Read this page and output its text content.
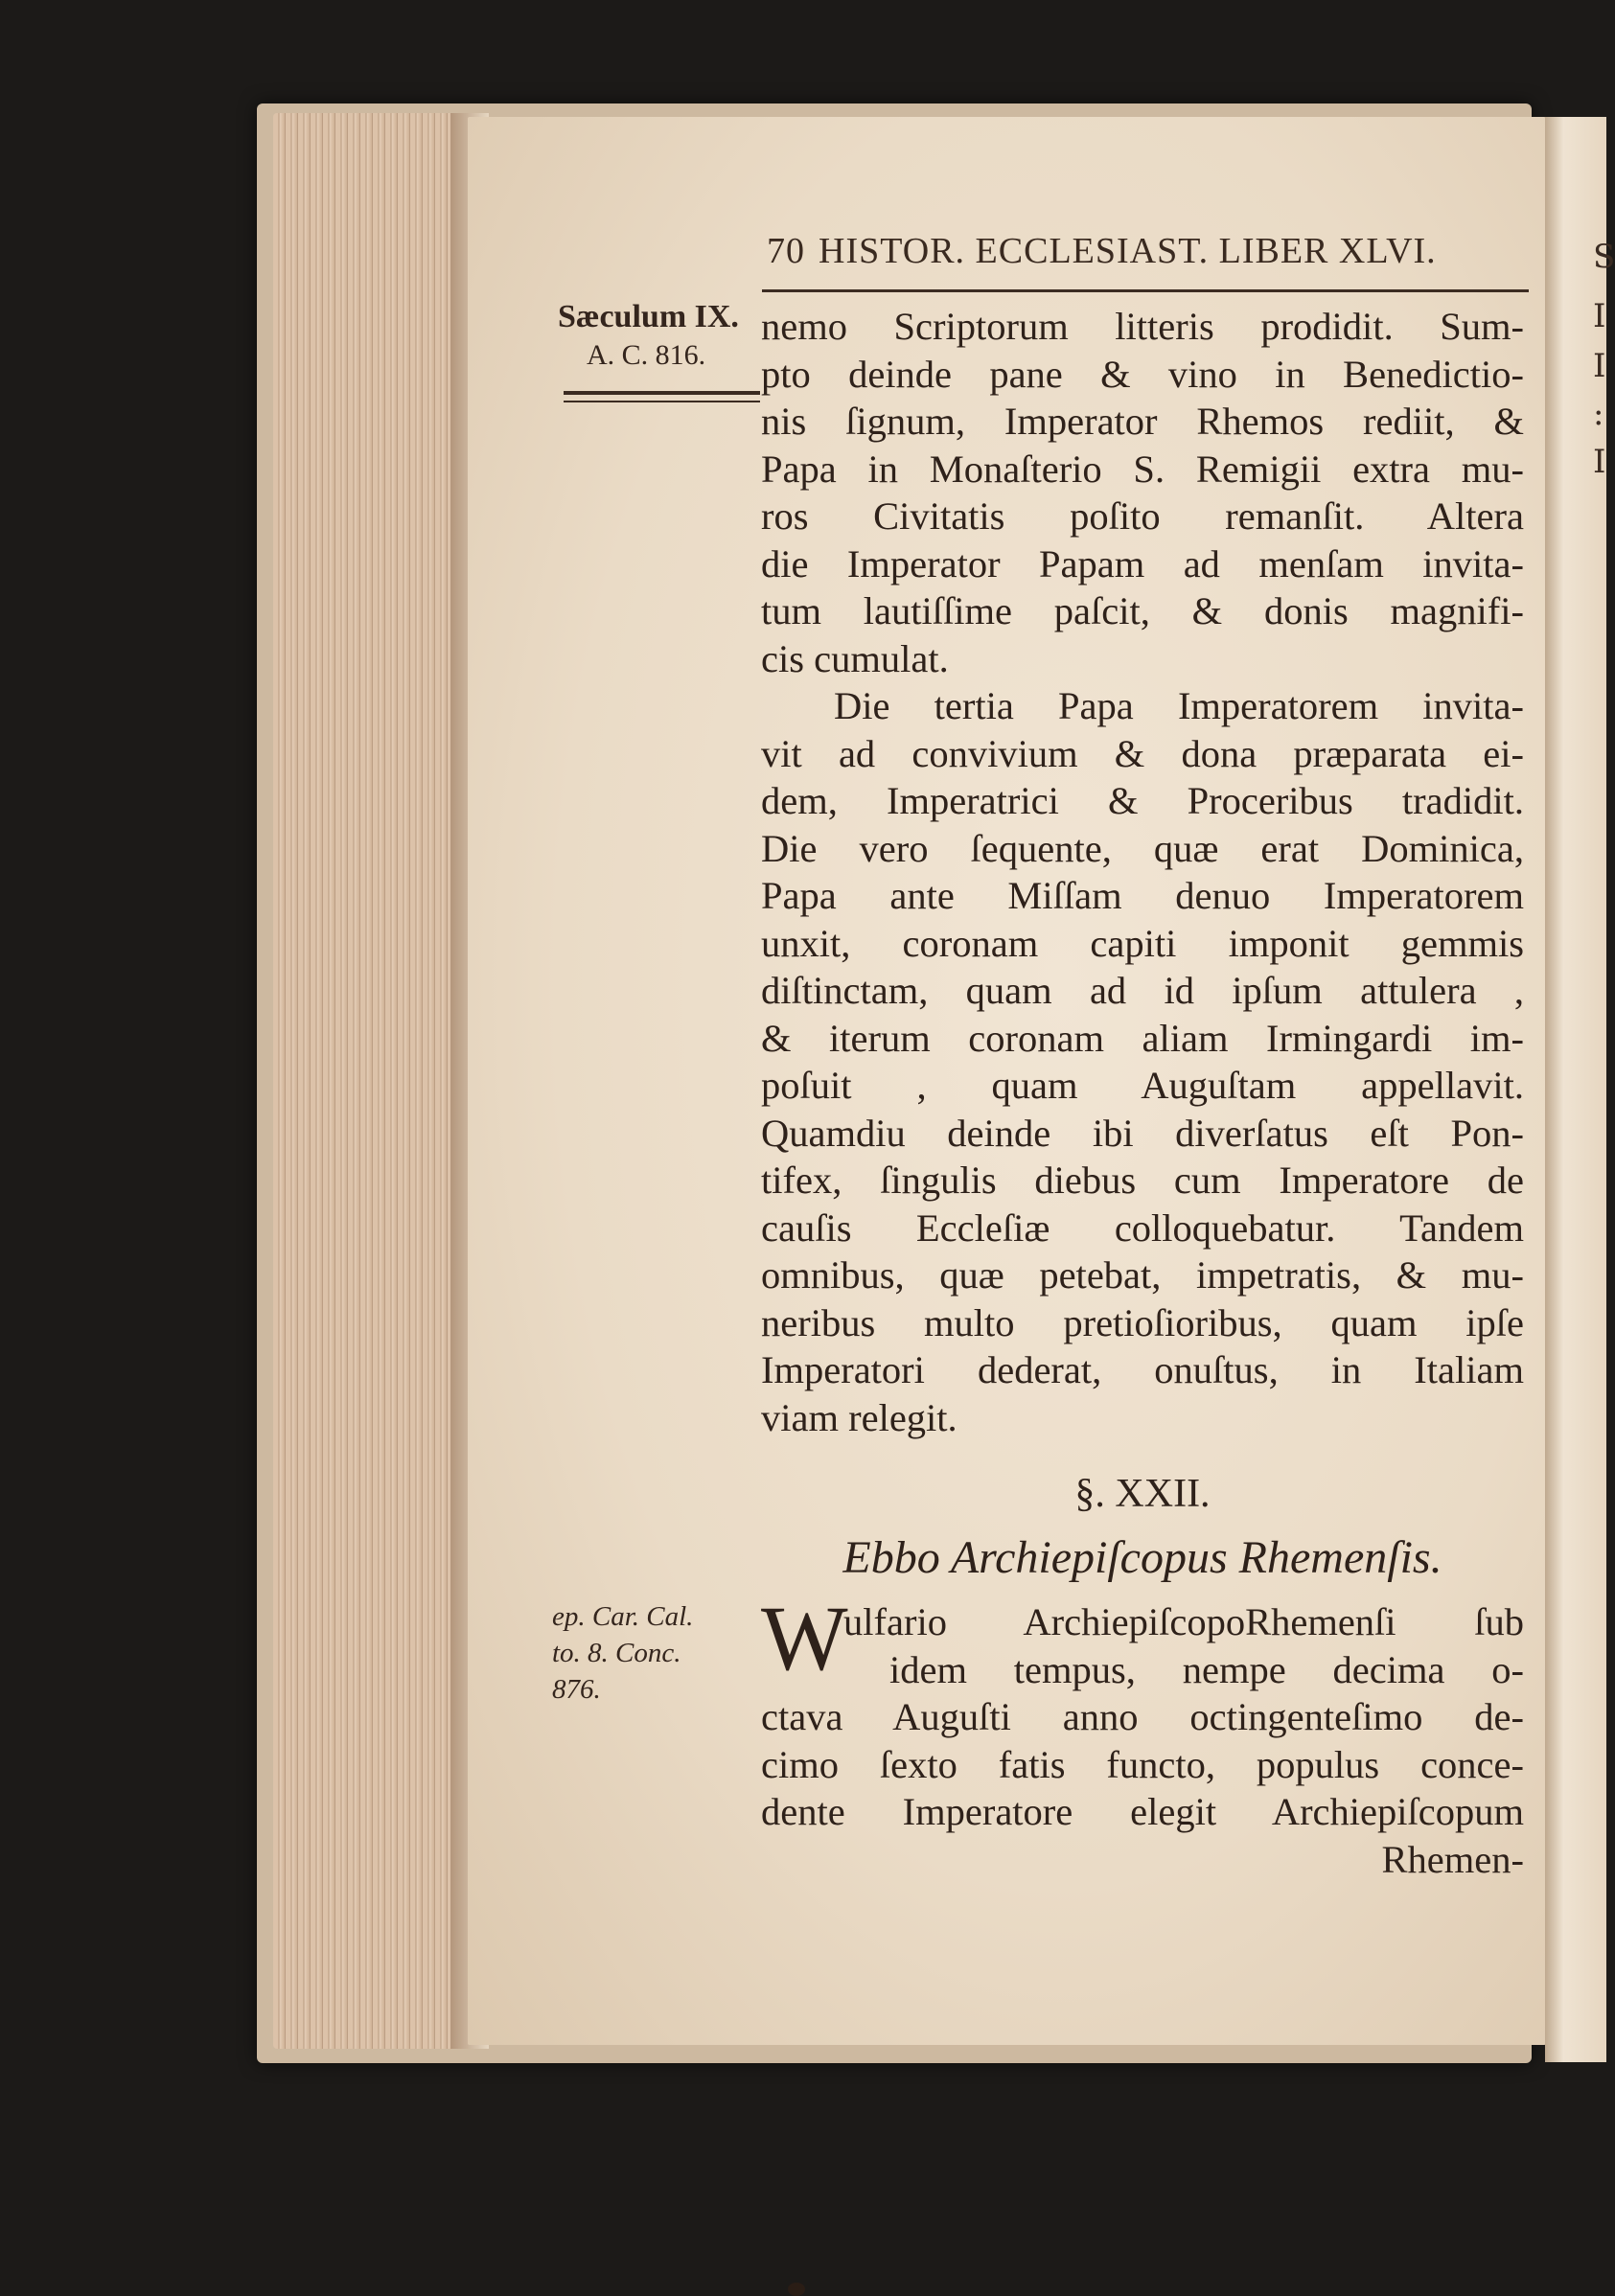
S
I
I
:
I
70 HISTOR. ECCLESIAST. LIBER XLVI.
Sæculum IX.
A. C. 816.
ep. Car. Cal.
to. 8. Conc.
876.
nemo Scriptorum litteris prodidit. Sum-
pto deinde pane & vino in Benedictio-
nis ſignum, Imperator Rhemos rediit, &
Papa in Monaſterio S. Remigii extra mu-
ros Civitatis poſito remanſit. Altera
die Imperator Papam ad menſam invita-
tum lautiſſime paſcit, & donis magnifi-
cis cumulat.
Die tertia Papa Imperatorem invita-
vit ad convivium & dona præparata ei-
dem, Imperatrici & Proceribus tradidit.
Die vero ſequente, quæ erat Dominica,
Papa ante Miſſam denuo Imperatorem
unxit, coronam capiti imponit gemmis
diſtinctam, quam ad id ipſum attulera ,
& iterum coronam aliam Irmingardi im-
poſuit , quam Auguſtam appellavit.
Quamdiu deinde ibi diverſatus eſt Pon-
tifex, ſingulis diebus cum Imperatore de
cauſis Eccleſiæ colloquebatur. Tandem
omnibus, quæ petebat, impetratis, & mu-
neribus multo pretioſioribus, quam ipſe
Imperatori dederat, onuſtus, in Italiam
viam relegit.
§. XXII.
Ebbo Archiepiſcopus Rhemenſis.
W
ulfario ArchiepiſcopoRhemenſi ſub
idem tempus, nempe decima o-
ctava Auguſti anno octingenteſimo de-
cimo ſexto fatis functo, populus conce-
dente Imperatore elegit Archiepiſcopum
Rhemen-
